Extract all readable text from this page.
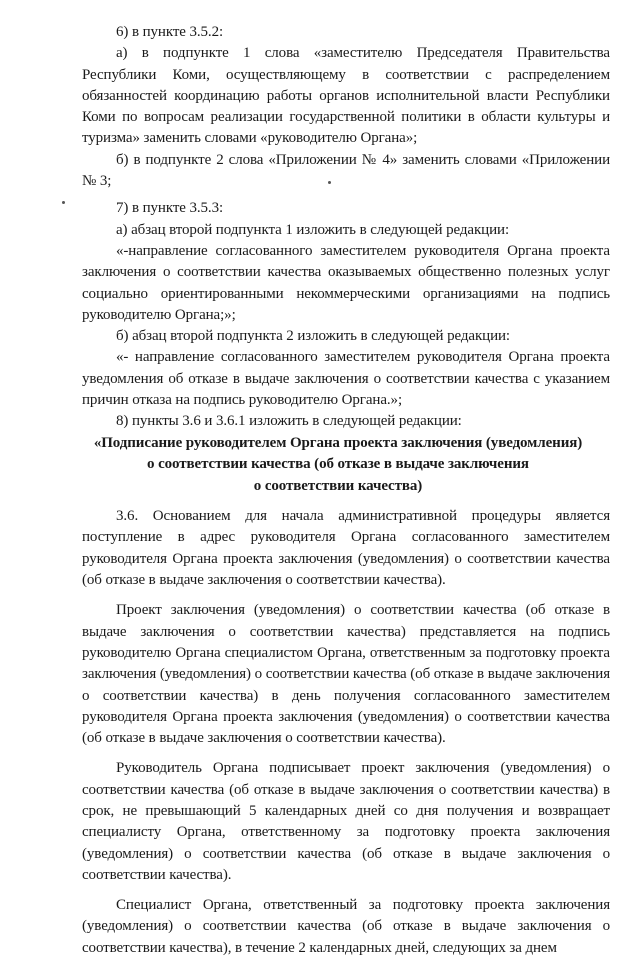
6) в пункте 3.5.2:

а) в подпункте 1 слова «заместителю Председателя Правительства Республики Коми, осуществляющему в соответствии с распределением обязанностей координацию работы органов исполнительной власти Республики Коми по вопросам реализации государственной политики в области культуры и туризма» заменить словами «руководителю Органа»;

б) в подпункте 2 слова «Приложении № 4» заменить словами «Приложении № 3;

7) в пункте 3.5.3:

а) абзац второй подпункта 1 изложить в следующей редакции:

«-направление согласованного заместителем руководителя Органа проекта заключения о соответствии качества оказываемых общественно полезных услуг социально ориентированными некоммерческими организациями на подпись руководителю Органа;»;

б) абзац второй подпункта 2 изложить в следующей редакции:

«- направление согласованного заместителем руководителя Органа проекта уведомления об отказе в выдаче заключения о соответствии качества с указанием причин отказа на подпись руководителю Органа.»;

8) пункты 3.6 и 3.6.1 изложить в следующей редакции:

«Подписание руководителем Органа проекта заключения (уведомления)

о соответствии качества (об отказе в выдаче заключения

о соответствии качества)

3.6. Основанием для начала административной процедуры является поступление в адрес руководителя Органа согласованного заместителем руководителя Органа проекта заключения (уведомления) о соответствии качества (об отказе в выдаче заключения о соответствии качества).

Проект заключения (уведомления) о соответствии качества (об отказе в выдаче заключения о соответствии качества) представляется на подпись руководителю Органа специалистом Органа, ответственным за подготовку проекта заключения (уведомления) о соответствии качества (об отказе в выдаче заключения о соответствии качества) в день получения согласованного заместителем руководителя Органа проекта заключения (уведомления) о соответствии качества (об отказе в выдаче заключения о соответствии качества).

Руководитель Органа подписывает проект заключения (уведомления) о соответствии качества (об отказе в выдаче заключения о соответствии качества) в срок, не превышающий 5 календарных дней со дня получения и возвращает специалисту Органа, ответственному за подготовку проекта заключения (уведомления) о соответствии качества (об отказе в выдаче заключения о соответствии качества).

Специалист Органа, ответственный за подготовку проекта заключения (уведомления) о соответствии качества (об отказе в выдаче заключения о соответствии качества), в течение 2 календарных дней, следующих за днем
